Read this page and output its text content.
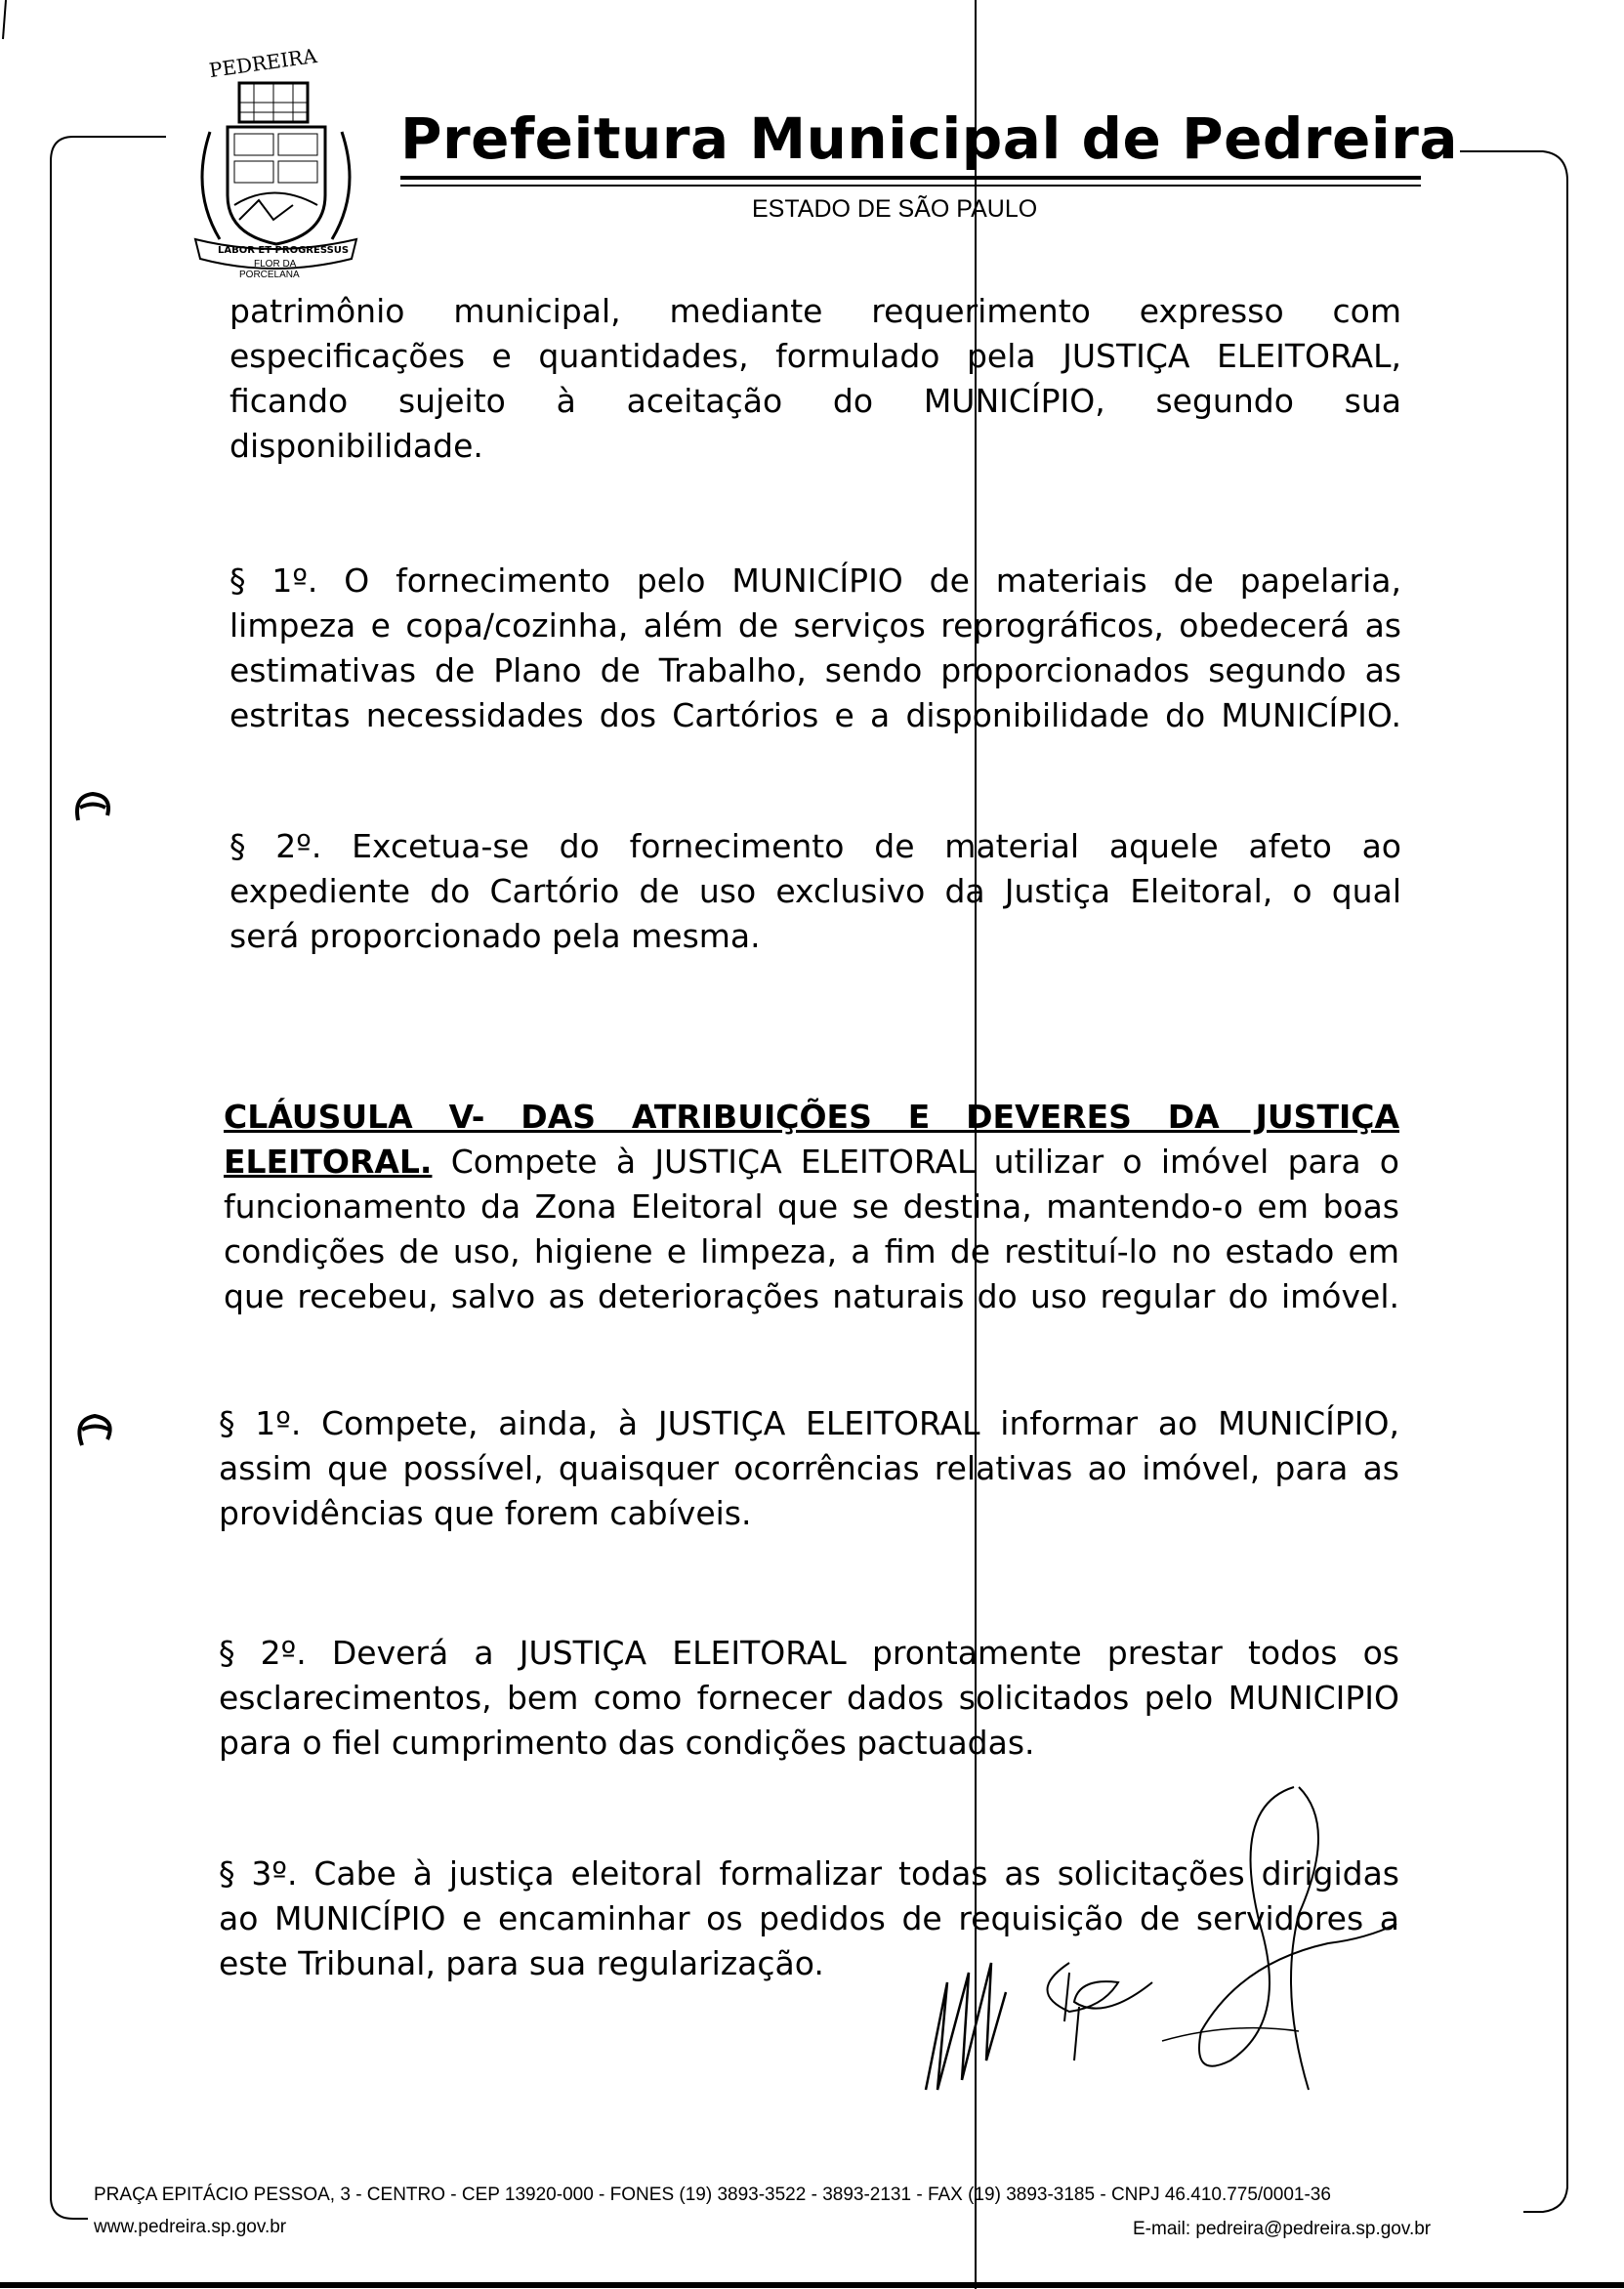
PEDREIRA
LABOR ET PROGRESSUS
FLOR DA
PORCELANA
Prefeitura Municipal de Pedreira
ESTADO DE SÃO PAULO
patrimônio municipal, mediante requerimento expresso com
especificações e quantidades, formulado pela JUSTIÇA ELEITORAL,
ficando sujeito à aceitação do MUNICÍPIO, segundo sua
disponibilidade.
§ 1º. O fornecimento pelo MUNICÍPIO de materiais de papelaria,
limpeza e copa/cozinha, além de serviços reprográficos, obedecerá as
estimativas de Plano de Trabalho, sendo proporcionados segundo as
estritas necessidades dos Cartórios e a disponibilidade do MUNICÍPIO.
§ 2º. Excetua-se do fornecimento de material aquele afeto ao
expediente do Cartório de uso exclusivo da Justiça Eleitoral, o qual
será proporcionado pela mesma.
CLÁUSULA V- DAS ATRIBUIÇÕES E DEVERES DA JUSTIÇA
ELEITORAL. Compete à JUSTIÇA ELEITORAL utilizar o imóvel para o
funcionamento da Zona Eleitoral que se destina, mantendo-o em boas
condições de uso, higiene e limpeza, a fim de restituí-lo no estado em
que recebeu, salvo as deteriorações naturais do uso regular do imóvel.
§ 1º. Compete, ainda, à JUSTIÇA ELEITORAL informar ao MUNICÍPIO,
assim que possível, quaisquer ocorrências relativas ao imóvel, para as
providências que forem cabíveis.
§ 2º. Deverá a JUSTIÇA ELEITORAL prontamente prestar todos os
esclarecimentos, bem como fornecer dados solicitados pelo MUNICIPIO
para o fiel cumprimento das condições pactuadas.
§ 3º. Cabe à justiça eleitoral formalizar todas as solicitações dirigidas
ao MUNICÍPIO e encaminhar os pedidos de requisição de servidores a
este Tribunal, para sua regularização.
PRAÇA EPITÁCIO PESSOA, 3 - CENTRO - CEP 13920-000 - FONES (19) 3893-3522 - 3893-2131 - FAX (19) 3893-3185 - CNPJ 46.410.775/0001-36
www.pedreira.sp.gov.br	E-mail: pedreira@pedreira.sp.gov.br
